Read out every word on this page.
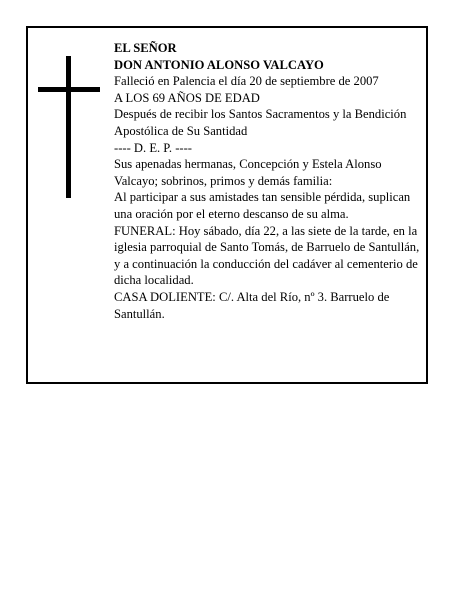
EL SEÑOR

DON ANTONIO ALONSO VALCAYO

Falleció en Palencia el día 20 de septiembre de 2007

A LOS 69 AÑOS DE EDAD

Después de recibir los Santos Sacramentos y la Bendición Apostólica de Su Santidad

---- D. E. P. ----

Sus apenadas hermanas, Concepción y Estela Alonso Valcayo; sobrinos, primos y demás familia:

Al participar a sus amistades tan sensible pérdida, suplican una oración por el eterno descanso de su alma.

FUNERAL: Hoy sábado, día 22, a las siete de la tarde, en la iglesia parroquial de Santo Tomás, de Barruelo de Santullán, y a continuación la conducción del cadáver al cementerio de dicha localidad.

CASA DOLIENTE: C/. Alta del Río, nº 3. Barruelo de Santullán.
